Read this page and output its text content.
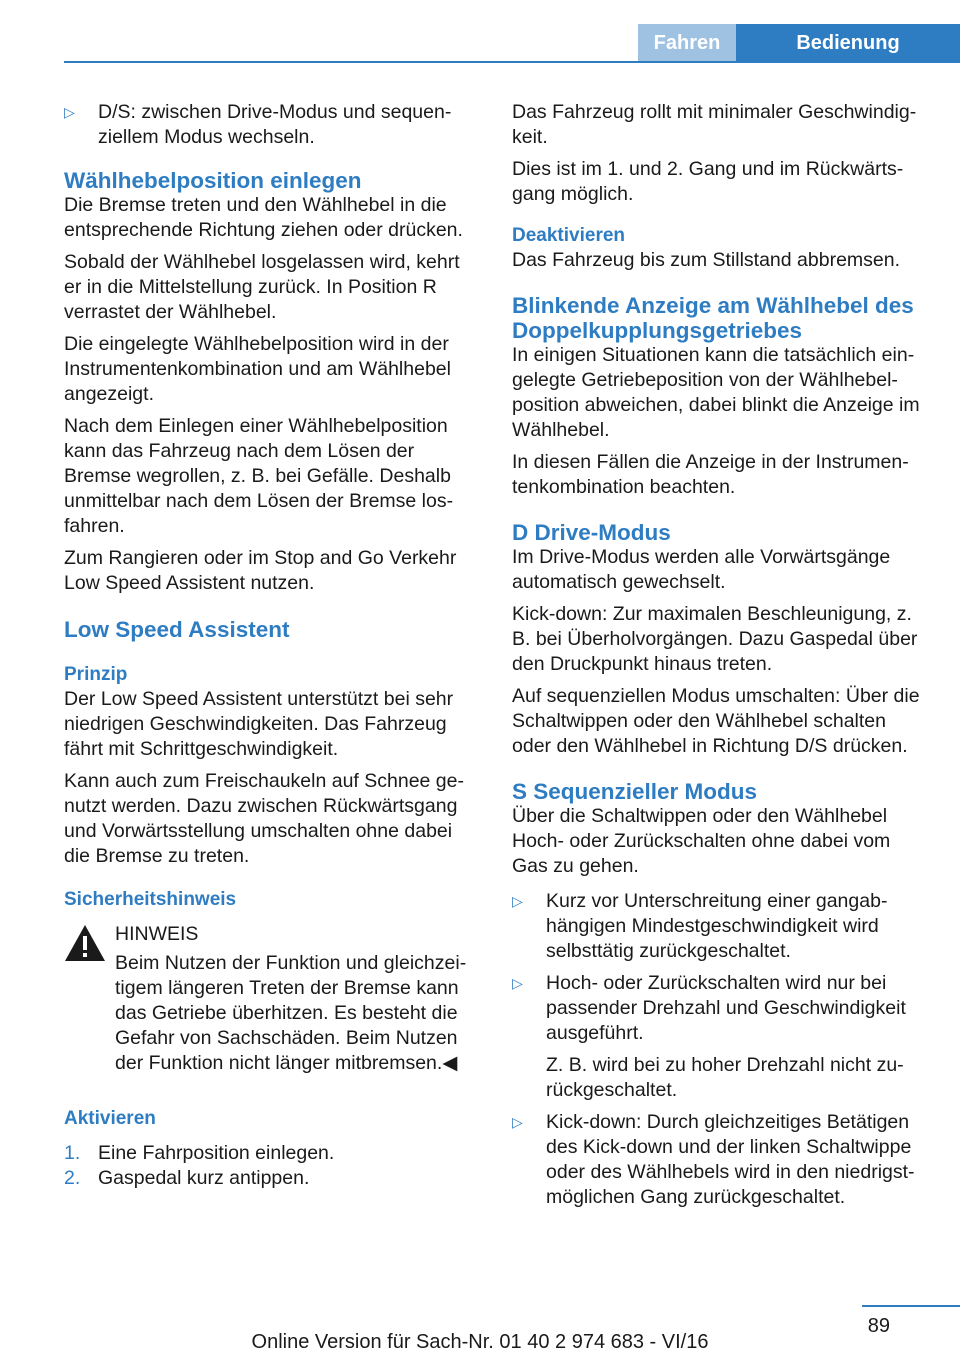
Fahren	Bedienung
▷	D/S: zwischen Drive-Modus und sequenziellem Modus wechseln.
Wählhebelposition einlegen

Die Bremse treten und den Wählhebel in die entsprechende Richtung ziehen oder drücken.

Sobald der Wählhebel losgelassen wird, kehrt er in die Mittelstellung zurück. In Position R verrastet der Wählhebel.

Die eingelegte Wählhebelposition wird in der Instrumentenkombination und am Wählhebel angezeigt.

Nach dem Einlegen einer Wählhebelposition kann das Fahrzeug nach dem Lösen der Bremse wegrollen, z. B. bei Gefälle. Deshalb unmittelbar nach dem Lösen der Bremse losfahren.

Zum Rangieren oder im Stop and Go Verkehr Low Speed Assistent nutzen.

Low Speed Assistent
Prinzip

Der Low Speed Assistent unterstützt bei sehr niedrigen Geschwindigkeiten. Das Fahrzeug fährt mit Schrittgeschwindigkeit.

Kann auch zum Freischaukeln auf Schnee genutzt werden. Dazu zwischen Rückwärtsgang und Vorwärtsstellung umschalten ohne dabei die Bremse zu treten.

Sicherheitshinweis

HINWEIS

Beim Nutzen der Funktion und gleichzeitigem längeren Treten der Bremse kann das Getriebe überhitzen. Es besteht die Gefahr von Sachschäden. Beim Nutzen der Funktion nicht länger mitbremsen.◀

Aktivieren
1. Eine Fahrposition einlegen.
2. Gaspedal kurz antippen.

Das Fahrzeug rollt mit minimaler Geschwindigkeit.

Dies ist im 1. und 2. Gang und im Rückwärtsgang möglich.

Deaktivieren

Das Fahrzeug bis zum Stillstand abbremsen.

Blinkende Anzeige am Wählhebel des Doppelkupplungsgetriebes

In einigen Situationen kann die tatsächlich eingelegte Getriebeposition von der Wählhebelposition abweichen, dabei blinkt die Anzeige im Wählhebel.

In diesen Fällen die Anzeige in der Instrumentenkombination beachten.

D Drive-Modus

Im Drive-Modus werden alle Vorwärtsgänge automatisch gewechselt.

Kick-down: Zur maximalen Beschleunigung, z. B. bei Überholvorgängen. Dazu Gaspedal über den Druckpunkt hinaus treten.

Auf sequenziellen Modus umschalten: Über die Schaltwippen oder den Wählhebel schalten oder den Wählhebel in Richtung D/S drücken.

S Sequenzieller Modus

Über die Schaltwippen oder den Wählhebel Hoch- oder Zurückschalten ohne dabei vom Gas zu gehen.

▷	Kurz vor Unterschreitung einer gangabhängigen Mindestgeschwindigkeit wird selbsttätig zurückgeschaltet.
▷	Hoch- oder Zurückschalten wird nur bei passender Drehzahl und Geschwindigkeit ausgeführt.
Z. B. wird bei zu hoher Drehzahl nicht zurückgeschaltet.
▷	Kick-down: Durch gleichzeitiges Betätigen des Kick-down und der linken Schaltwippe oder des Wählhebels wird in den niedrigstmöglichen Gang zurückgeschaltet.
89
Online Version für Sach-Nr. 01 40 2 974 683 - VI/16
